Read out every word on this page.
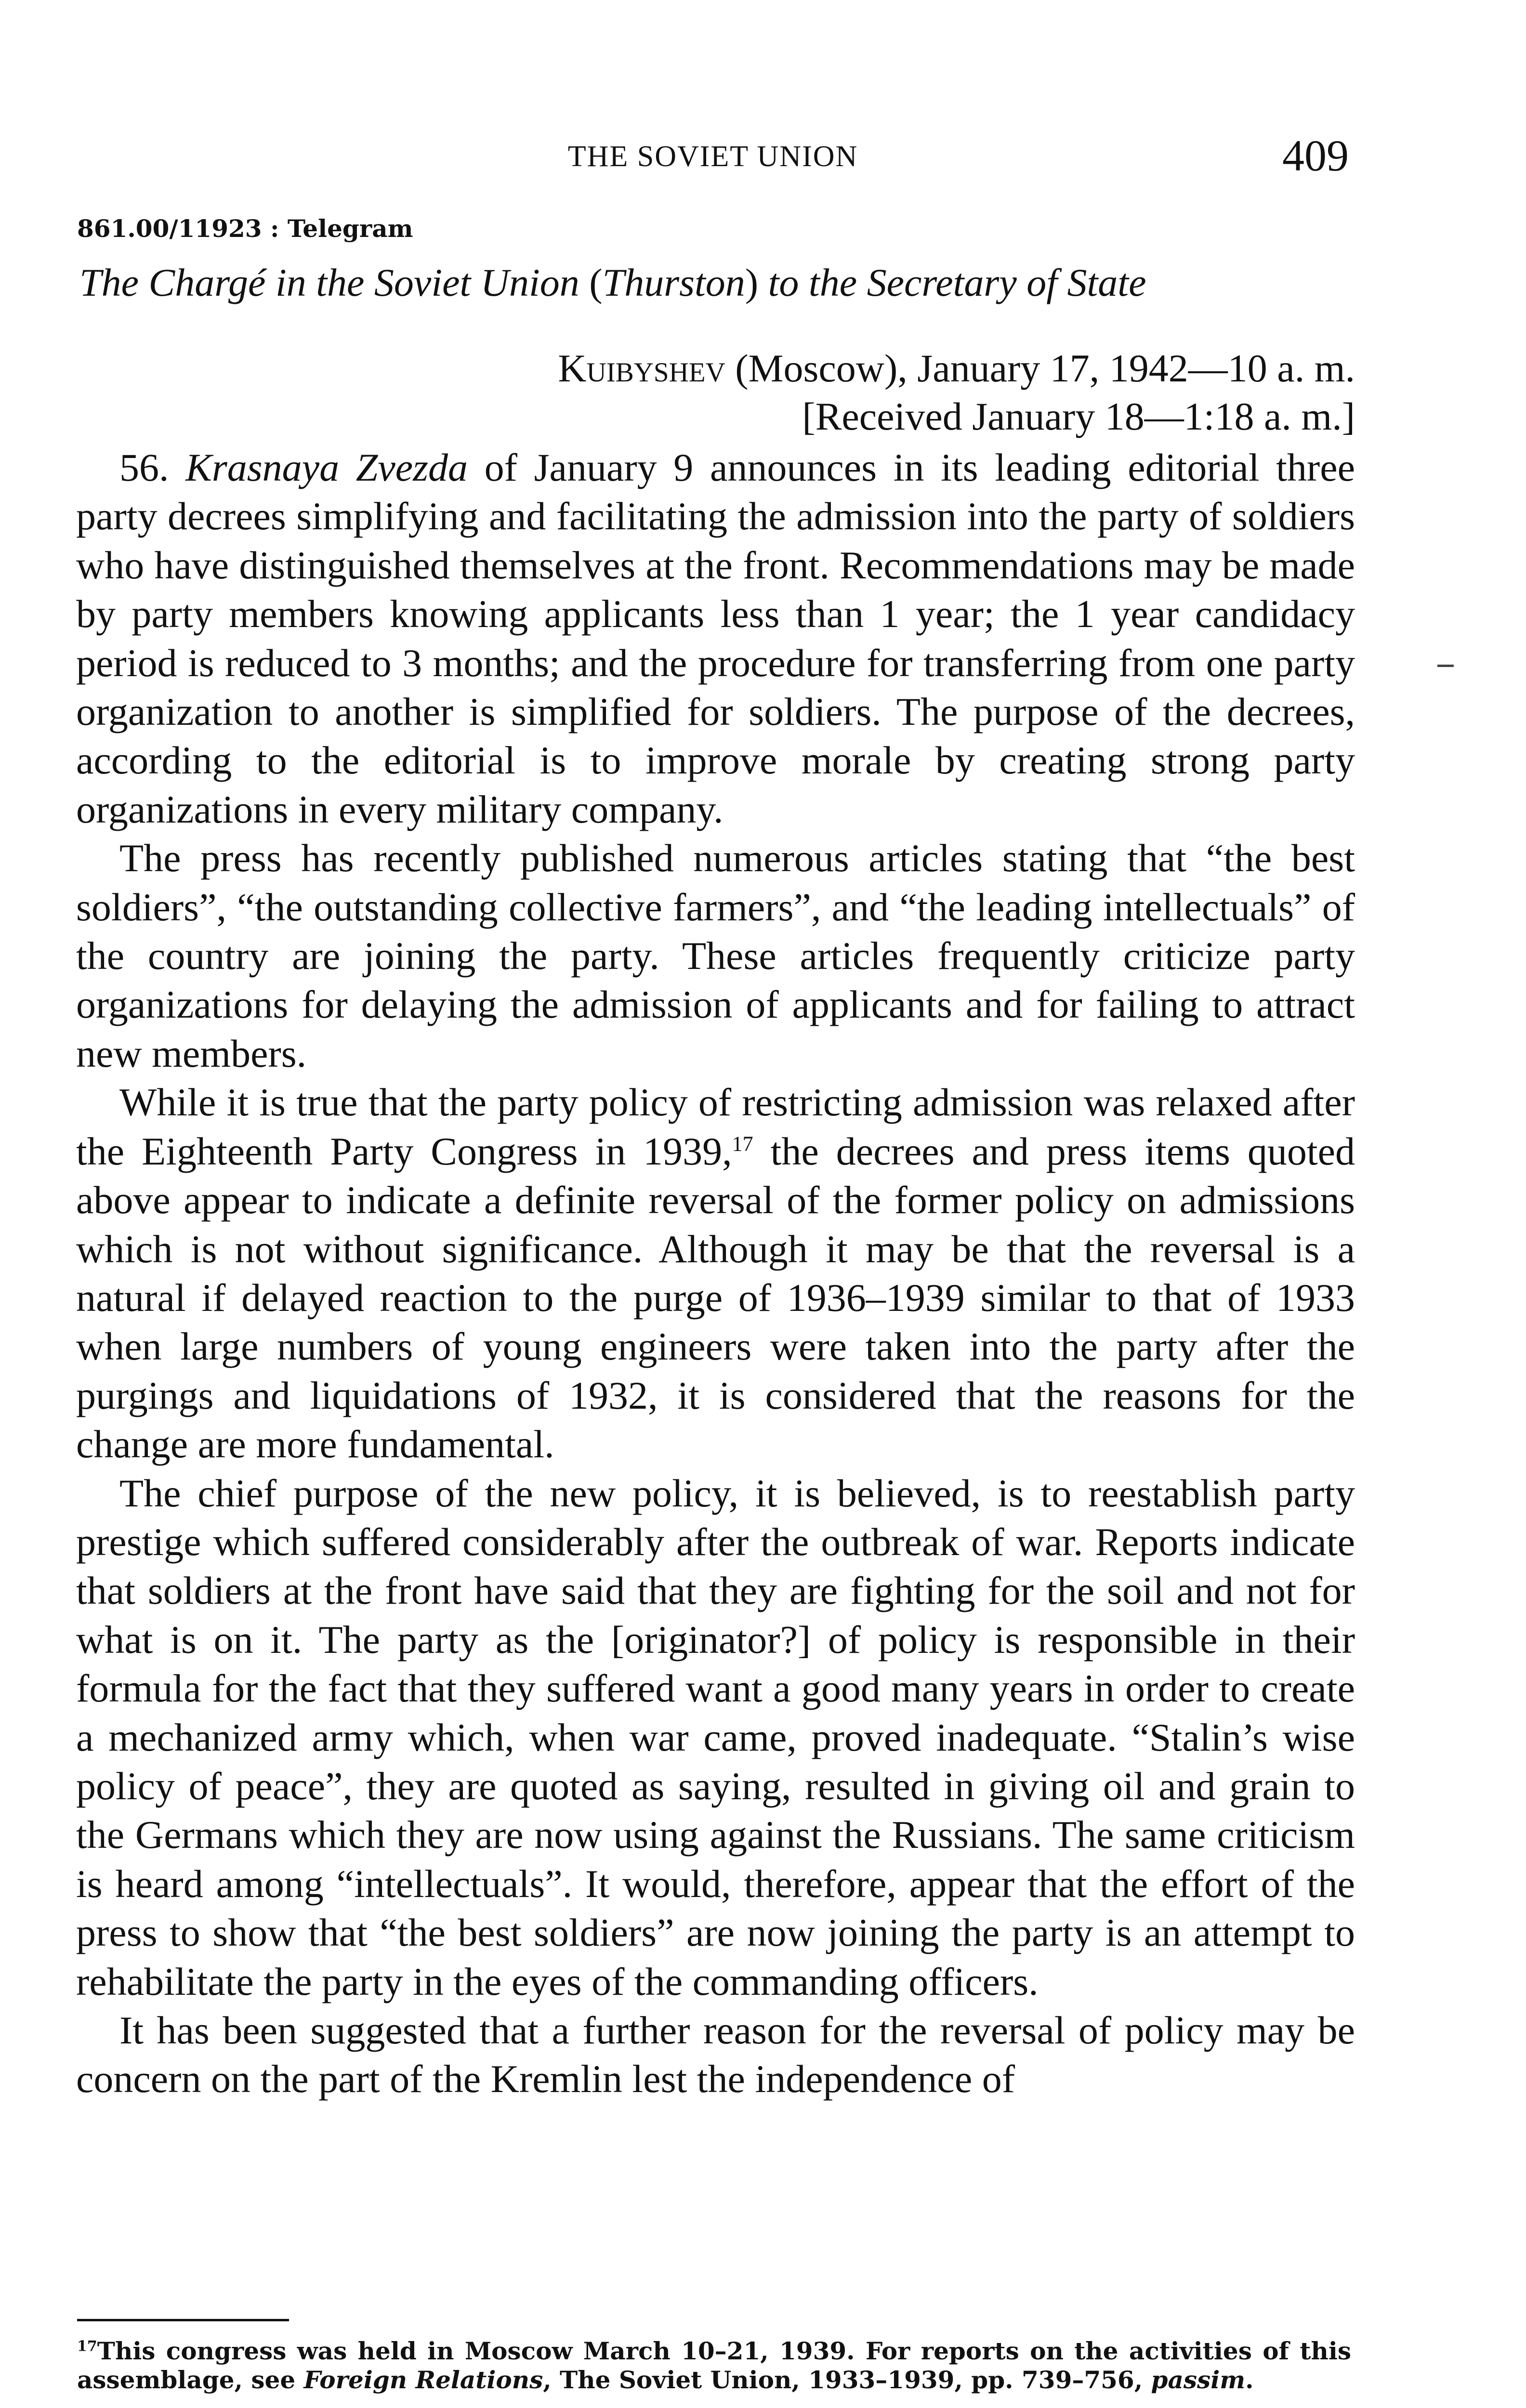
THE SOVIET UNION	409
861.00/11923 : Telegram
The Chargé in the Soviet Union (Thurston) to the Secretary of State
Kuibyshev (Moscow), January 17, 1942—10 a. m.
[Received January 18—1:18 a. m.]

56. Krasnaya Zvezda of January 9 announces in its leading editorial three party decrees simplifying and facilitating the admission into the party of soldiers who have distinguished themselves at the front. Recommendations may be made by party members knowing applicants less than 1 year; the 1 year candidacy period is reduced to 3 months; and the procedure for transferring from one party organization to another is simplified for soldiers. The purpose of the decrees, according to the editorial is to improve morale by creating strong party organizations in every military company.

The press has recently published numerous articles stating that “the best soldiers”, “the outstanding collective farmers”, and “the leading intellectuals” of the country are joining the party. These articles frequently criticize party organizations for delaying the admission of applicants and for failing to attract new members.

While it is true that the party policy of restricting admission was relaxed after the Eighteenth Party Congress in 1939,17 the decrees and press items quoted above appear to indicate a definite reversal of the former policy on admissions which is not without significance. Although it may be that the reversal is a natural if delayed reaction to the purge of 1936–1939 similar to that of 1933 when large numbers of young engineers were taken into the party after the purgings and liquidations of 1932, it is considered that the reasons for the change are more fundamental.

The chief purpose of the new policy, it is believed, is to reestablish party prestige which suffered considerably after the outbreak of war. Reports indicate that soldiers at the front have said that they are fighting for the soil and not for what is on it. The party as the [originator?] of policy is responsible in their formula for the fact that they suffered want a good many years in order to create a mechanized army which, when war came, proved inadequate. “Stalin’s wise policy of peace”, they are quoted as saying, resulted in giving oil and grain to the Germans which they are now using against the Russians. The same criticism is heard among “intellectuals”. It would, therefore, appear that the effort of the press to show that “the best soldiers” are now joining the party is an attempt to rehabilitate the party in the eyes of the commanding officers.

It has been suggested that a further reason for the reversal of policy may be concern on the part of the Kremlin lest the independence of

$^{17}$This congress was held in Moscow March 10–21, 1939. For reports on the activities of this assemblage, see Foreign Relations, The Soviet Union, 1933–1939, pp. 739–756, passim.
